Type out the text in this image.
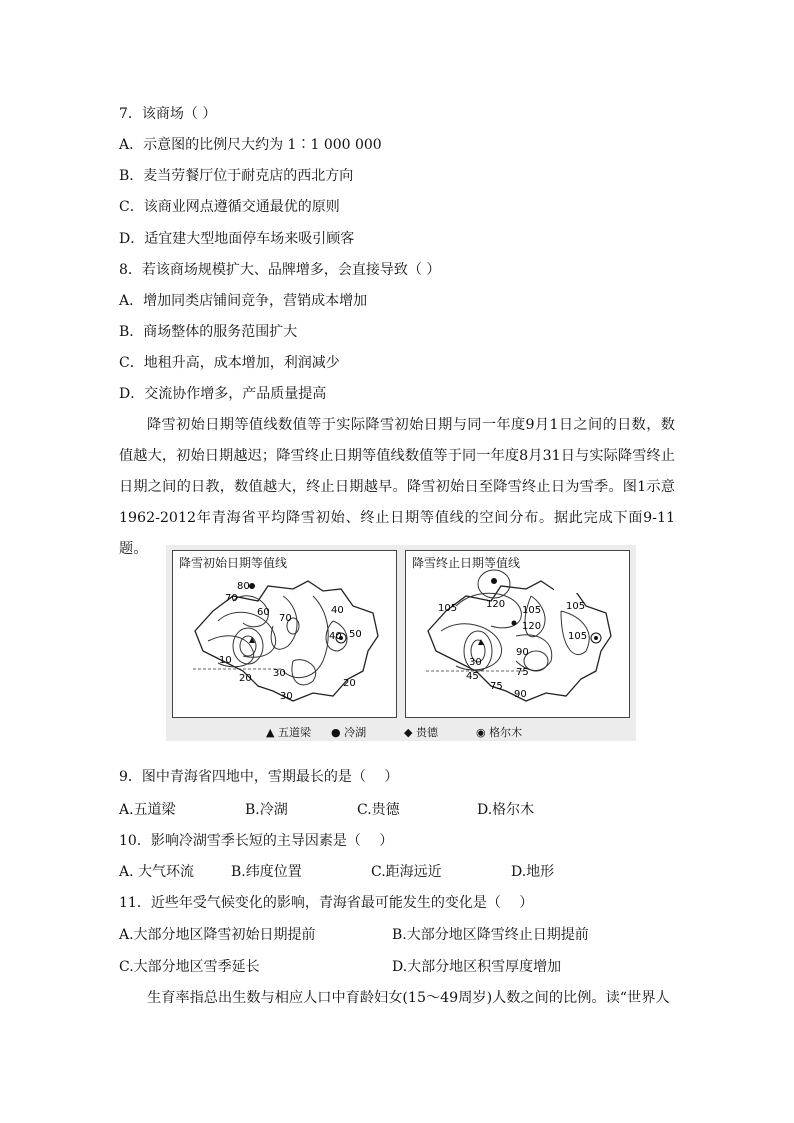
7．该商场（ ）
A．示意图的比例尺大约为 1∶1 000 000
B．麦当劳餐厅位于耐克店的西北方向
C．该商业网点遵循交通最优的原则
D．适宜建大型地面停车场来吸引顾客
8．若该商场规模扩大、品牌增多，会直接导致（ ）
A．增加同类店铺间竞争，营销成本增加
B．商场整体的服务范围扩大
C．地租升高，成本增加，利润减少
D．交流协作增多，产品质量提高
降雪初始日期等值线数值等于实际降雪初始日期与同一年度9月1日之间的日数，数值越大，初始日期越迟；降雪终止日期等值线数值等于同一年度8月31日与实际降雪终止日期之间的日教，数值越大，终止日期越早。降雪初始日至降雪终止日为雪季。图1示意1962-2012年青海省平均降雪初始、终止日期等值线的空间分布。据此完成下面9-11题。
降雪初始日期等值线
80
70
60
70
40
40 50
10
30
20	20
30
降雪终止日期等值线
105	120
105 105
120
105
30
45
90
75
75
90
▲ 五道梁 ● 冷湖	◆ 贵德	◉ 格尔木
9．图中青海省四地中，雪期最长的是（　 ）
A.五道梁	B.冷湖	C.贵德	D.格尔木
10．影响冷湖雪季长短的主导因素是（　 ）
A. 大气环流	B.纬度位置	C.距海远近	D.地形
11．近些年受气候变化的影响，青海省最可能发生的变化是（　 ）
A.大部分地区降雪初始日期提前	B.大部分地区降雪终止日期提前
C.大部分地区雪季延长	D.大部分地区积雪厚度增加
生育率指总出生数与相应人口中育龄妇女(15～49周岁)人数之间的比例。读“世界人
